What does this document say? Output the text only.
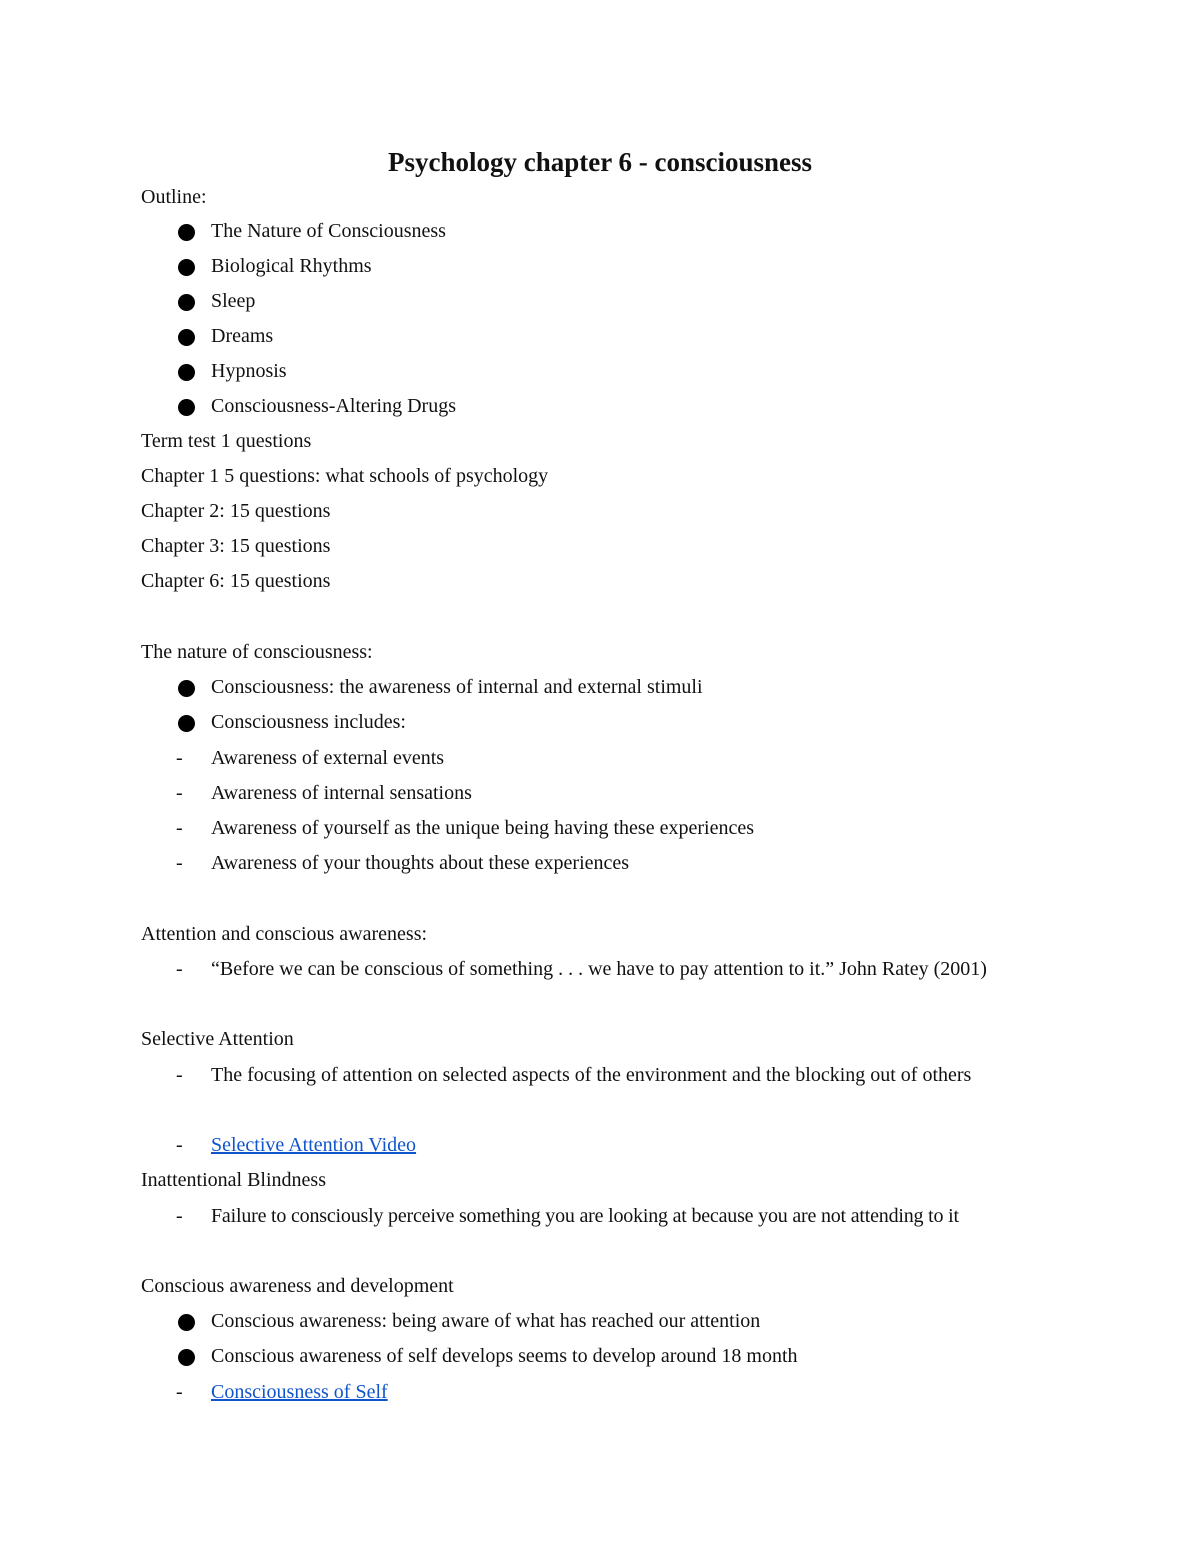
Psychology chapter 6 - consciousness
Outline:
The Nature of Consciousness
Biological Rhythms
Sleep
Dreams
Hypnosis
Consciousness-Altering Drugs
Term test 1 questions
Chapter 1 5 questions: what schools of psychology
Chapter 2: 15 questions
Chapter 3: 15 questions
Chapter 6: 15 questions
The nature of consciousness:
Consciousness: the awareness of internal and external stimuli
Consciousness includes:
- Awareness of external events
- Awareness of internal sensations
- Awareness of yourself as the unique being having these experiences
- Awareness of your thoughts about these experiences
Attention and conscious awareness:
- “Before we can be conscious of something . . . we have to pay attention to it.” John Ratey (2001)
Selective Attention
- The focusing of attention on selected aspects of the environment and the blocking out of others
- Selective Attention Video
Inattentional Blindness
- Failure to consciously perceive something you are looking at because you are not attending to it
Conscious awareness and development
Conscious awareness: being aware of what has reached our attention
Conscious awareness of self develops seems to develop around 18 month
- Consciousness of Self
